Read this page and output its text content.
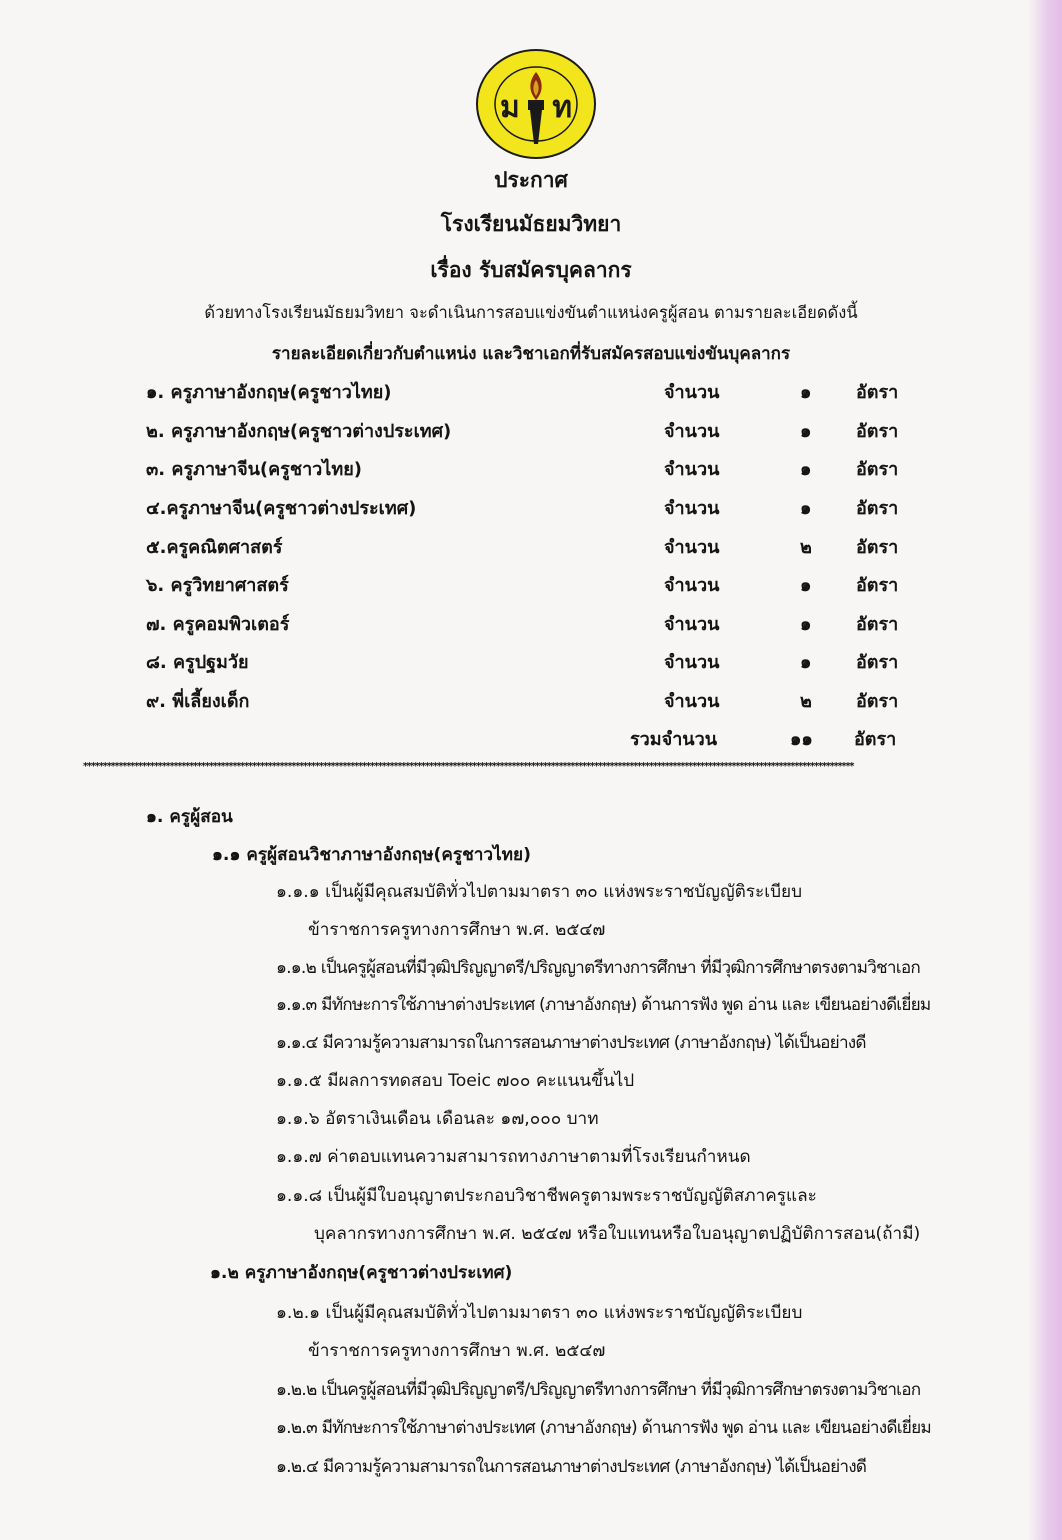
ม ท
ประกาศ
โรงเรียนมัธยมวิทยา
เรื่อง รับสมัครบุคลากร
ด้วยทางโรงเรียนมัธยมวิทยา จะดำเนินการสอบแข่งขันตำแหน่งครูผู้สอน ตามรายละเอียดดังนี้
รายละเอียดเกี่ยวกับตำแหน่ง และวิชาเอกที่รับสมัครสอบแข่งขันบุคลากร
๑. ครูภาษาอังกฤษ(ครูชาวไทย)	จำนวน	๑ อัตรา
๒. ครูภาษาอังกฤษ(ครูชาวต่างประเทศ)	จำนวน	๑ อัตรา
๓. ครูภาษาจีน(ครูชาวไทย)	จำนวน	๑ อัตรา
๔.ครูภาษาจีน(ครูชาวต่างประเทศ)	จำนวน	๑ อัตรา
๕.ครูคณิตศาสตร์	จำนวน	๒ อัตรา
๖. ครูวิทยาศาสตร์	จำนวน	๑ อัตรา
๗. ครูคอมพิวเตอร์	จำนวน	๑ อัตรา
๘. ครูปฐมวัย	จำนวน	๑ อัตรา
๙. พี่เลี้ยงเด็ก	จำนวน	๒ อัตรา
รวมจำนวน	๑๑ อัตรา
****************************************************************************************************************************************************************************************************
๑. ครูผู้สอน
๑.๑ ครูผู้สอนวิชาภาษาอังกฤษ(ครูชาวไทย)
๑.๑.๑ เป็นผู้มีคุณสมบัติทั่วไปตามมาตรา ๓๐ แห่งพระราชบัญญัติระเบียบ
ข้าราชการครูทางการศึกษา พ.ศ. ๒๕๔๗
๑.๑.๒ เป็นครูผู้สอนที่มีวุฒิปริญญาตรี/ปริญญาตรีทางการศึกษา ที่มีวุฒิการศึกษาตรงตามวิชาเอก
๑.๑.๓ มีทักษะการใช้ภาษาต่างประเทศ (ภาษาอังกฤษ) ด้านการฟัง พูด อ่าน และ เขียนอย่างดีเยี่ยม
๑.๑.๔ มีความรู้ความสามารถในการสอนภาษาต่างประเทศ (ภาษาอังกฤษ) ได้เป็นอย่างดี
๑.๑.๕ มีผลการทดสอบ Toeic ๗๐๐ คะแนนขึ้นไป
๑.๑.๖ อัตราเงินเดือน เดือนละ ๑๗,๐๐๐ บาท
๑.๑.๗ ค่าตอบแทนความสามารถทางภาษาตามที่โรงเรียนกำหนด
๑.๑.๘ เป็นผู้มีใบอนุญาตประกอบวิชาชีพครูตามพระราชบัญญัติสภาครูและ
บุคลากรทางการศึกษา พ.ศ. ๒๕๔๗ หรือใบแทนหรือใบอนุญาตปฏิบัติการสอน(ถ้ามี)
๑.๒ ครูภาษาอังกฤษ(ครูชาวต่างประเทศ)
๑.๒.๑ เป็นผู้มีคุณสมบัติทั่วไปตามมาตรา ๓๐ แห่งพระราชบัญญัติระเบียบ
ข้าราชการครูทางการศึกษา พ.ศ. ๒๕๔๗
๑.๒.๒ เป็นครูผู้สอนที่มีวุฒิปริญญาตรี/ปริญญาตรีทางการศึกษา ที่มีวุฒิการศึกษาตรงตามวิชาเอก
๑.๒.๓ มีทักษะการใช้ภาษาต่างประเทศ (ภาษาอังกฤษ) ด้านการฟัง พูด อ่าน และ เขียนอย่างดีเยี่ยม
๑.๒.๔ มีความรู้ความสามารถในการสอนภาษาต่างประเทศ (ภาษาอังกฤษ) ได้เป็นอย่างดี
